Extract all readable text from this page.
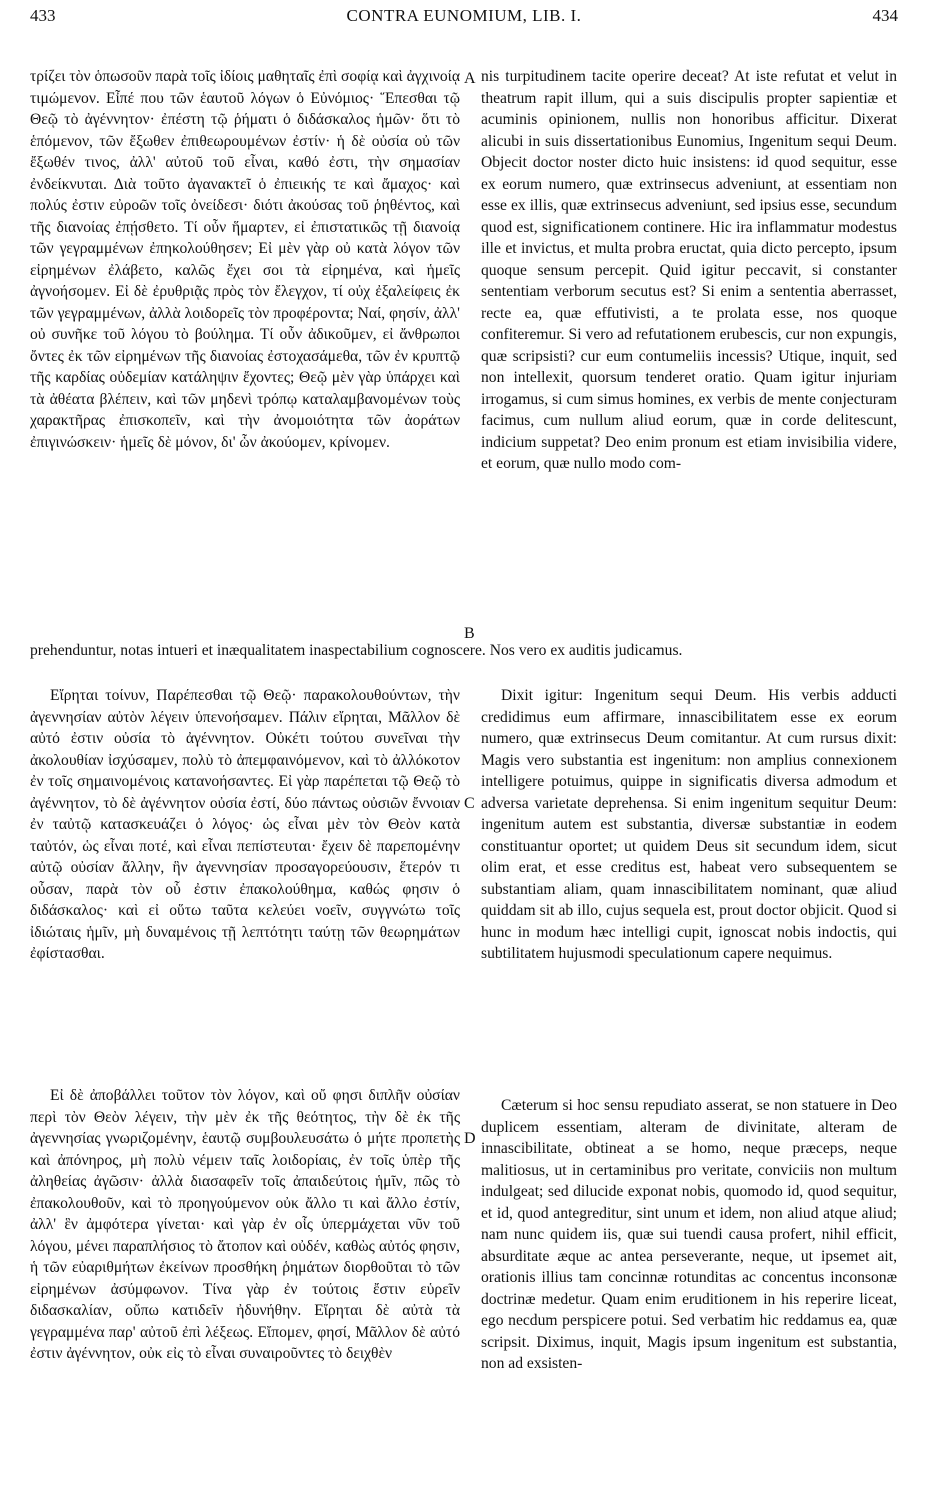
433	CONTRA EUNOMIUM, LIB. I.	434
A
B
C
D

τρίζει τὸν ὁπωσοῦν παρὰ τοῖς ἰδίοις μαθηταῖς ἐπὶ σοφίᾳ καὶ ἀγχινοίᾳ τιμώμενον. Εἶπέ που τῶν ἑαυτοῦ λόγων ὁ Εὐνόμιος· Ἕπεσθαι τῷ Θεῷ τὸ ἀγέννητον· ἐπέστη τῷ ῥήματι ὁ διδάσκαλος ἡμῶν· ὅτι τὸ ἑπόμενον, τῶν ἔξωθεν ἐπιθεωρουμένων ἐστίν· ἡ δὲ οὐσία οὐ τῶν ἔξωθέν τινος, ἀλλ' αὐτοῦ τοῦ εἶναι, καθό ἐστι, τὴν σημασίαν ἐνδείκνυται. Διὰ τοῦτο ἀγανακτεῖ ὁ ἐπιεικής τε καὶ ἄμαχος· καὶ πολύς ἐστιν εὐροῶν τοῖς ὀνείδεσι· διότι ἀκούσας τοῦ ῥηθέντος, καὶ τῆς διανοίας ἐπῄσθετο. Τί οὖν ἥμαρτεν, εἰ ἐπιστατικῶς τῇ διανοίᾳ τῶν γεγραμμένων ἐπηκολούθησεν; Εἰ μὲν γὰρ οὐ κατὰ λόγον τῶν εἰρημένων ἐλάβετο, καλῶς ἔχει σοι τὰ εἰρημένα, καὶ ἡμεῖς ἀγνοήσομεν. Εἰ δὲ ἐρυθριᾷς πρὸς τὸν ἔλεγχον, τί οὐχ ἐξαλείφεις ἐκ τῶν γεγραμμένων, ἀλλὰ λοιδορεῖς τὸν προφέροντα; Ναί, φησίν, ἀλλ' οὐ συνῆκε τοῦ λόγου τὸ βούλημα. Τί οὖν ἀδικοῦμεν, εἰ ἄνθρωποι ὄντες ἐκ τῶν εἰρημένων τῆς διανοίας ἐστοχασάμεθα, τῶν ἐν κρυπτῷ τῆς καρδίας οὐδεμίαν κατάληψιν ἔχοντες; Θεῷ μὲν γὰρ ὑπάρχει καὶ τὰ ἀθέατα βλέπειν, καὶ τῶν μηδενὶ τρόπῳ καταλαμβανομένων τοὺς χαρακτῆρας ἐπισκοπεῖν, καὶ τὴν ἀνομοιότητα τῶν ἀοράτων ἐπιγινώσκειν· ἡμεῖς δὲ μόνον, δι' ὧν ἀκούομεν, κρίνομεν.

nis turpitudinem tacite operire deceat? At iste refutat et velut in theatrum rapit illum, qui a suis discipulis propter sapientiæ et acuminis opinionem, nullis non honoribus afficitur. Dixerat alicubi in suis dissertationibus Eunomius, Ingenitum sequi Deum. Objecit doctor noster dicto huic insistens: id quod sequitur, esse ex eorum numero, quæ extrinsecus adveniunt, at essentiam non esse ex illis, quæ extrinsecus adveniunt, sed ipsius esse, secundum quod est, significationem continere. Hic ira inflammatur modestus ille et invictus, et multa probra eructat, quia dicto percepto, ipsum quoque sensum percepit. Quid igitur peccavit, si constanter sententiam verborum secutus est? Si enim a sententia aberrasset, recte ea, quæ effutivisti, a te prolata esse, nos quoque confiteremur. Si vero ad refutationem erubescis, cur non expungis, quæ scripsisti? cur eum contumeliis incessis? Utique, inquit, sed non intellexit, quorsum tenderet oratio. Quam igitur injuriam irrogamus, si cum simus homines, ex verbis de mente conjecturam facimus, cum nullum aliud eorum, quæ in corde delitescunt, indicium suppetat? Deo enim pronum est etiam invisibilia videre, et eorum, quæ nullo modo com-

prehenduntur, notas intueri et inæqualitatem inaspectabilium cognoscere. Nos vero ex auditis judicamus.

Εἴρηται τοίνυν, Παρέπεσθαι τῷ Θεῷ· παρακολουθούντων, τὴν ἀγεννησίαν αὐτὸν λέγειν ὑπενοήσαμεν. Πάλιν εἴρηται, Μᾶλλον δὲ αὐτό ἐστιν οὐσία τὸ ἀγέννητον. Οὐκέτι τούτου συνεῖναι τὴν ἀκολουθίαν ἰσχύσαμεν, πολὺ τὸ ἀπεμφαινόμενον, καὶ τὸ ἀλλόκοτον ἐν τοῖς σημαινομένοις κατανοήσαντες. Εἰ γὰρ παρέπεται τῷ Θεῷ τὸ ἀγέννητον, τὸ δὲ ἀγέννητον οὐσία ἐστί, δύο πάντως οὐσιῶν ἔννοιαν ἐν ταὐτῷ κατασκευάζει ὁ λόγος· ὡς εἶναι μὲν τὸν Θεὸν κατὰ ταὐτόν, ὡς εἶναι ποτέ, καὶ εἶναι πεπίστευται· ἔχειν δὲ παρεπομένην αὐτῷ οὐσίαν ἄλλην, ἣν ἀγεννησίαν προσαγορεύουσιν, ἕτερόν τι οὖσαν, παρὰ τὸν οὗ ἐστιν ἐπακολούθημα, καθώς φησιν ὁ διδάσκαλος· καὶ εἰ οὕτω ταῦτα κελεύει νοεῖν, συγγνώτω τοῖς ἰδιώταις ἡμῖν, μὴ δυναμένοις τῇ λεπτότητι ταύτῃ τῶν θεωρημάτων ἐφίστασθαι.

Dixit igitur: Ingenitum sequi Deum. His verbis adducti credidimus eum affirmare, innascibilitatem esse ex eorum numero, quæ extrinsecus Deum comitantur. At cum rursus dixit: Magis vero substantia est ingenitum: non amplius connexionem intelligere potuimus, quippe in significatis diversa admodum et adversa varietate deprehensa. Si enim ingenitum sequitur Deum: ingenitum autem est substantia, diversæ substantiæ in eodem constituantur oportet; ut quidem Deus sit secundum idem, sicut olim erat, et esse creditus est, habeat vero subsequentem se substantiam aliam, quam innascibilitatem nominant, quæ aliud quiddam sit ab illo, cujus sequela est, prout doctor objicit. Quod si hunc in modum hæc intelligi cupit, ignoscat nobis indoctis, qui subtilitatem hujusmodi speculationum capere nequimus.

Εἰ δὲ ἀποβάλλει τοῦτον τὸν λόγον, καὶ οὔ φησι διπλῆν οὐσίαν περὶ τὸν Θεὸν λέγειν, τὴν μὲν ἐκ τῆς θεότητος, τὴν δὲ ἐκ τῆς ἀγεννησίας γνωριζομένην, ἑαυτῷ συμβουλευσάτω ὁ μήτε προπετὴς καὶ ἀπόνηρος, μὴ πολὺ νέμειν ταῖς λοιδορίαις, ἐν τοῖς ὑπὲρ τῆς ἀληθείας ἀγῶσιν· ἀλλὰ διασαφεῖν τοῖς ἀπαιδεύτοις ἡμῖν, πῶς τὸ ἐπακολουθοῦν, καὶ τὸ προηγούμενον οὐκ ἄλλο τι καὶ ἄλλο ἐστίν, ἀλλ' ἓν ἀμφότερα γίνεται· καὶ γὰρ ἐν οἷς ὑπερμάχεται νῦν τοῦ λόγου, μένει παραπλήσιος τὸ ἄτοπον καὶ οὐδέν, καθὼς αὐτός φησιν, ἡ τῶν εὐαριθμήτων ἐκείνων προσθήκη ῥημάτων διορθοῦται τὸ τῶν εἰρημένων ἀσύμφωνον. Τίνα γὰρ ἐν τούτοις ἔστιν εὑρεῖν διδασκαλίαν, οὔπω κατιδεῖν ἠδυνήθην. Εἴρηται δὲ αὐτὰ τὰ γεγραμμένα παρ' αὐτοῦ ἐπὶ λέξεως. Εἴπομεν, φησί, Μᾶλλον δὲ αὐτό ἐστιν ἀγέννητον, οὐκ εἰς τὸ εἶναι συναιροῦντες τὸ δειχθὲν

Cæterum si hoc sensu repudiato asserat, se non statuere in Deo duplicem essentiam, alteram de divinitate, alteram de innascibilitate, obtineat a se homo, neque præceps, neque malitiosus, ut in certaminibus pro veritate, conviciis non multum indulgeat; sed dilucide exponat nobis, quomodo id, quod sequitur, et id, quod antegreditur, sint unum et idem, non aliud atque aliud; nam nunc quidem iis, quæ sui tuendi causa profert, nihil efficit, absurditate æque ac antea perseverante, neque, ut ipsemet ait, orationis illius tam concinnæ rotunditas ac concentus inconsonæ doctrinæ medetur. Quam enim eruditionem in his reperire liceat, ego necdum perspicere potui. Sed verbatim hic reddamus ea, quæ scripsit. Diximus, inquit, Magis ipsum ingenitum est substantia, non ad exsisten-
